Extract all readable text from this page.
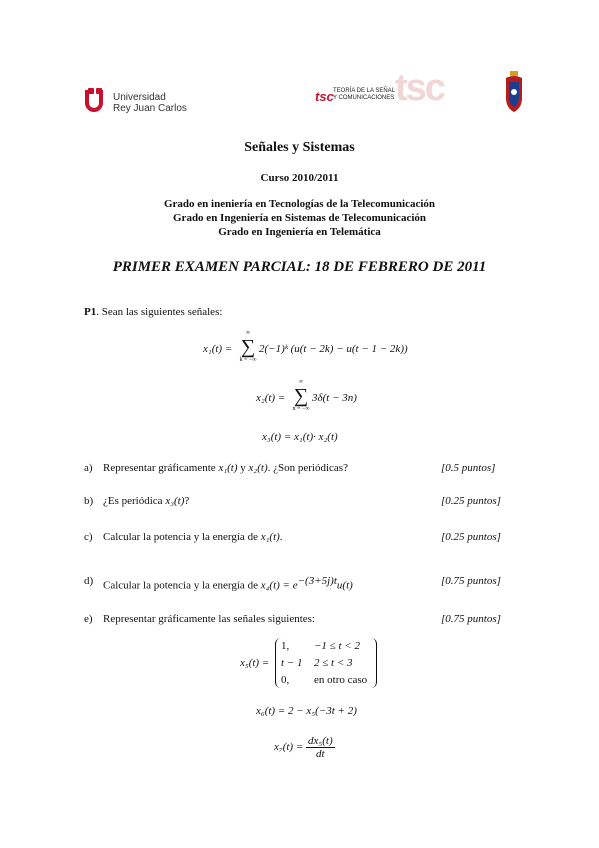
Universidad
Rey Juan Carlos	tsc
tsc TEORÍA DE LA SEÑAL
Y COMUNICACIONES
Señales y Sistemas
Curso 2010/2011
Grado en ineniería en Tecnologías de la Telecomunicación
Grado en Ingeniería en Sistemas de Telecomunicación
Grado en Ingeniería en Telemática
PRIMER EXAMEN PARCIAL: 18 DE FEBRERO DE 2011
P1. Sean las siguientes señales:
x₁(t) =
∞
∑
k = −∞
2(−1)ᵏ (u(t − 2k) − u(t − 1 − 2k))
x₂(t) =
∞
∑
n = −∞
3δ(t − 3n)
x₃(t) = x₁(t)· x₂(t)
a) Representar gráficamente x₁(t) y x₂(t). ¿Son periódicas?	[0.5 puntos]
b) ¿Es periódica x₃(t)?	[0.25 puntos]
c) Calcular la potencia y la energía de x₁(t).	[0.25 puntos]
d) Calcular la potencia y la energía de $x_4(t) = e^{-(3+5j)t}u(t)$	[0.75 puntos]
e) Representar gráficamente las señales siguientes:	[0.75 puntos]
x₅(t) =
1, −1 ≤ t < 2
t − 1 2 ≤ t < 3
0, en otro caso
x₆(t) = 2 − x₅(−3t + 2)
$x_7(t) = \frac{\text{dx₅(t)}}{dt}$
